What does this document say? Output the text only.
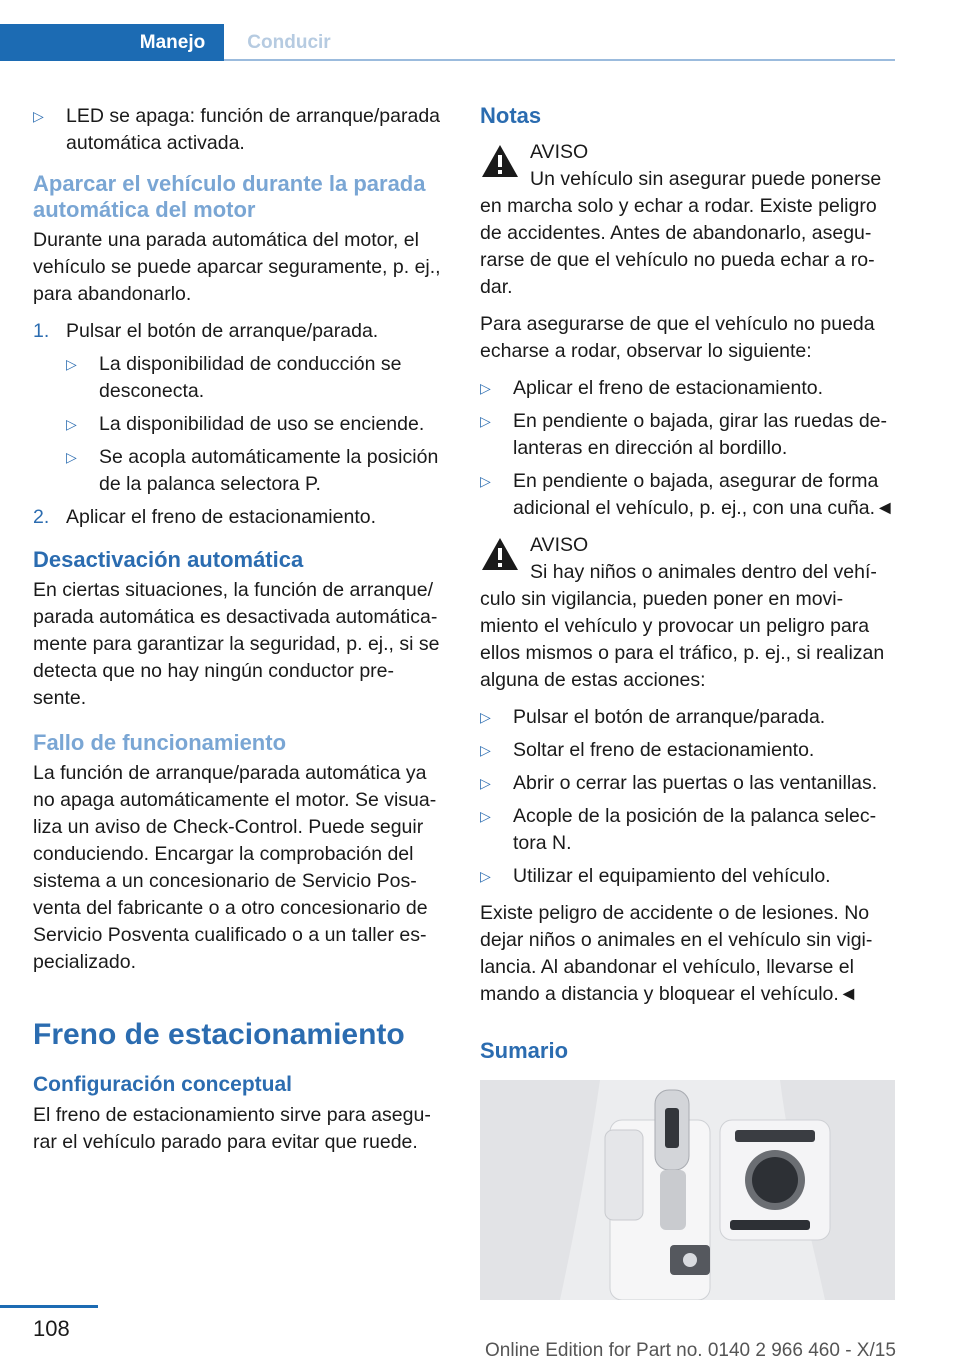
Manejo	Conducir
▷ LED se apaga: función de arranque/parada automática activada.
Aparcar el vehículo durante la parada automática del motor

Durante una parada automática del motor, el vehículo se puede aparcar seguramente, p. ej., para abandonarlo.

1. Pulsar el botón de arranque/parada.
▷ La disponibilidad de conducción se desconecta.
▷ La disponibilidad de uso se enciende.
▷ Se acopla automáticamente la posición de la palanca selectora P.
2. Aplicar el freno de estacionamiento.
Desactivación automática

En ciertas situaciones, la función de arranque/ parada automática es desactivada automática‐ mente para garantizar la seguridad, p. ej., si se detecta que no hay ningún conductor pre‐ sente.

Fallo de funcionamiento

La función de arranque/parada automática ya no apaga automáticamente el motor. Se visua‐ liza un aviso de Check-Control. Puede seguir conduciendo. Encargar la comprobación del sistema a un concesionario de Servicio Pos‐ venta del fabricante o a otro concesionario de Servicio Posventa cualificado o a un taller es‐ pecializado.

Freno de estacionamiento
Configuración conceptual

El freno de estacionamiento sirve para asegu‐ rar el vehículo parado para evitar que ruede.

Notas
AVISO
Un vehículo sin asegurar puede ponerse en marcha solo y echar a rodar. Existe peligro de accidentes. Antes de abandonarlo, asegu‐ rarse de que el vehículo no pueda echar a ro‐ dar.

Para asegurarse de que el vehículo no pueda echarse a rodar, observar lo siguiente:

▷ Aplicar el freno de estacionamiento.
▷ En pendiente o bajada, girar las ruedas de‐ lanteras en dirección al bordillo.
▷ En pendiente o bajada, asegurar de forma adicional el vehículo, p. ej., con una cuña.◄
AVISO
Si hay niños o animales dentro del vehí‐ culo sin vigilancia, pueden poner en movi‐ miento el vehículo y provocar un peligro para ellos mismos o para el tráfico, p. ej., si realizan alguna de estas acciones:
▷ Pulsar el botón de arranque/parada.
▷ Soltar el freno de estacionamiento.
▷ Abrir o cerrar las puertas o las ventanillas.
▷ Acople de la posición de la palanca selec‐ tora N.
▷ Utilizar el equipamiento del vehículo.

Existe peligro de accidente o de lesiones. No dejar niños o animales en el vehículo sin vigi‐ lancia. Al abandonar el vehículo, llevarse el mando a distancia y bloquear el vehículo.◄

Sumario
108
Online Edition for Part no. 0140 2 966 460 - X/15
